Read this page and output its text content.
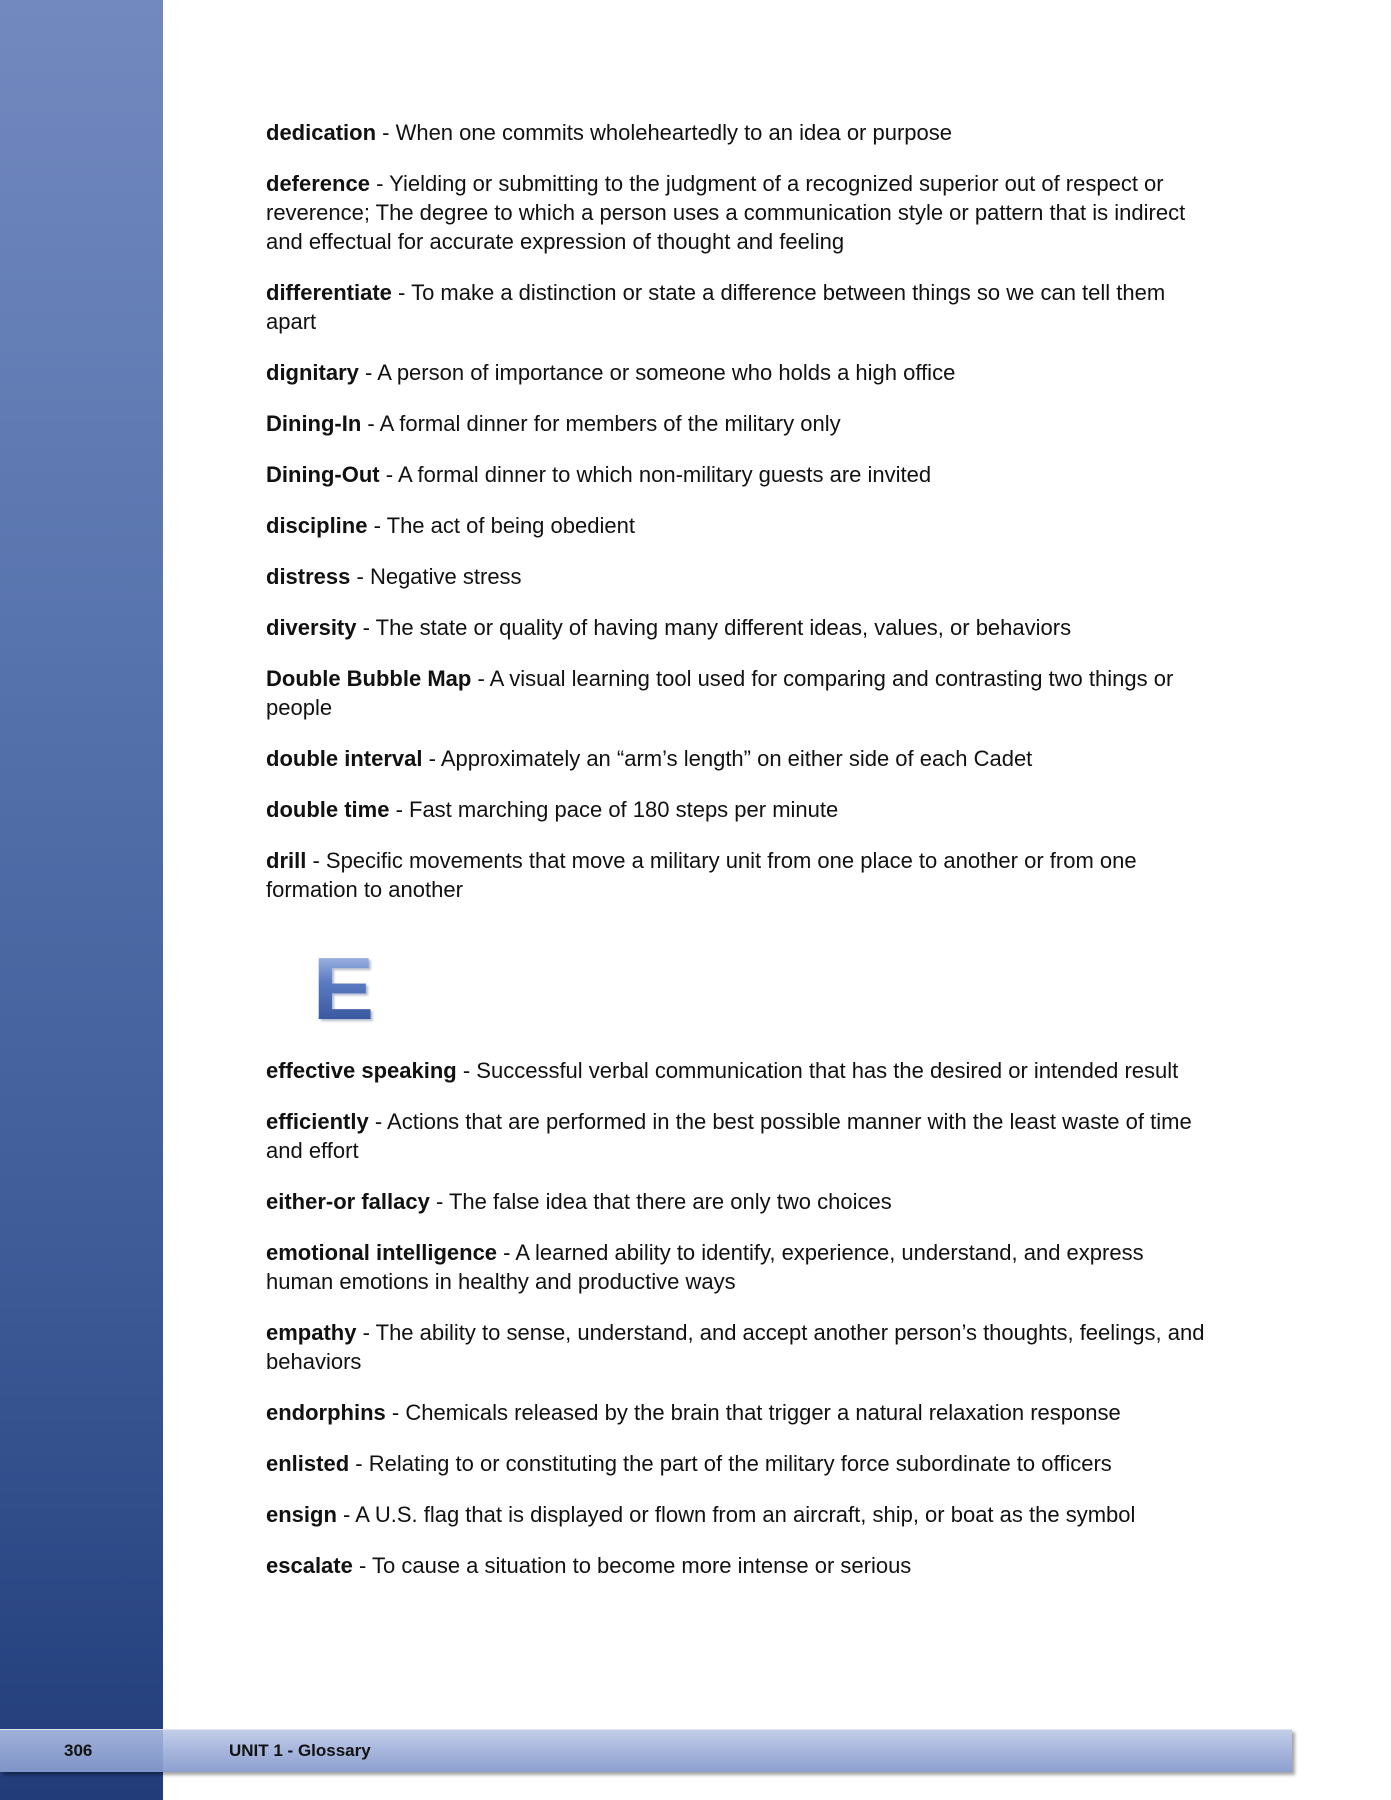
dedication - When one commits wholeheartedly to an idea or purpose

deference - Yielding or submitting to the judgment of a recognized superior out of respect or reverence; The degree to which a person uses a communication style or pattern that is indirect and effectual for accurate expression of thought and feeling

differentiate - To make a distinction or state a difference between things so we can tell them apart

dignitary - A person of importance or someone who holds a high office

Dining-In - A formal dinner for members of the military only

Dining-Out - A formal dinner to which non-military guests are invited

discipline - The act of being obedient

distress - Negative stress

diversity - The state or quality of having many different ideas, values, or behaviors

Double Bubble Map - A visual learning tool used for comparing and contrasting two things or people

double interval - Approximately an “arm’s length” on either side of each Cadet

double time - Fast marching pace of 180 steps per minute

drill - Specific movements that move a military unit from one place to another or from one formation to another

E

effective speaking - Successful verbal communication that has the desired or intended result

efficiently - Actions that are performed in the best possible manner with the least waste of time and effort

either-or fallacy - The false idea that there are only two choices

emotional intelligence - A learned ability to identify, experience, understand, and express human emotions in healthy and productive ways

empathy - The ability to sense, understand, and accept another person’s thoughts, feelings, and behaviors

endorphins - Chemicals released by the brain that trigger a natural relaxation response

enlisted - Relating to or constituting the part of the military force subordinate to officers

ensign - A U.S. flag that is displayed or flown from an aircraft, ship, or boat as the symbol

escalate - To cause a situation to become more intense or serious

306	UNIT 1 - Glossary
